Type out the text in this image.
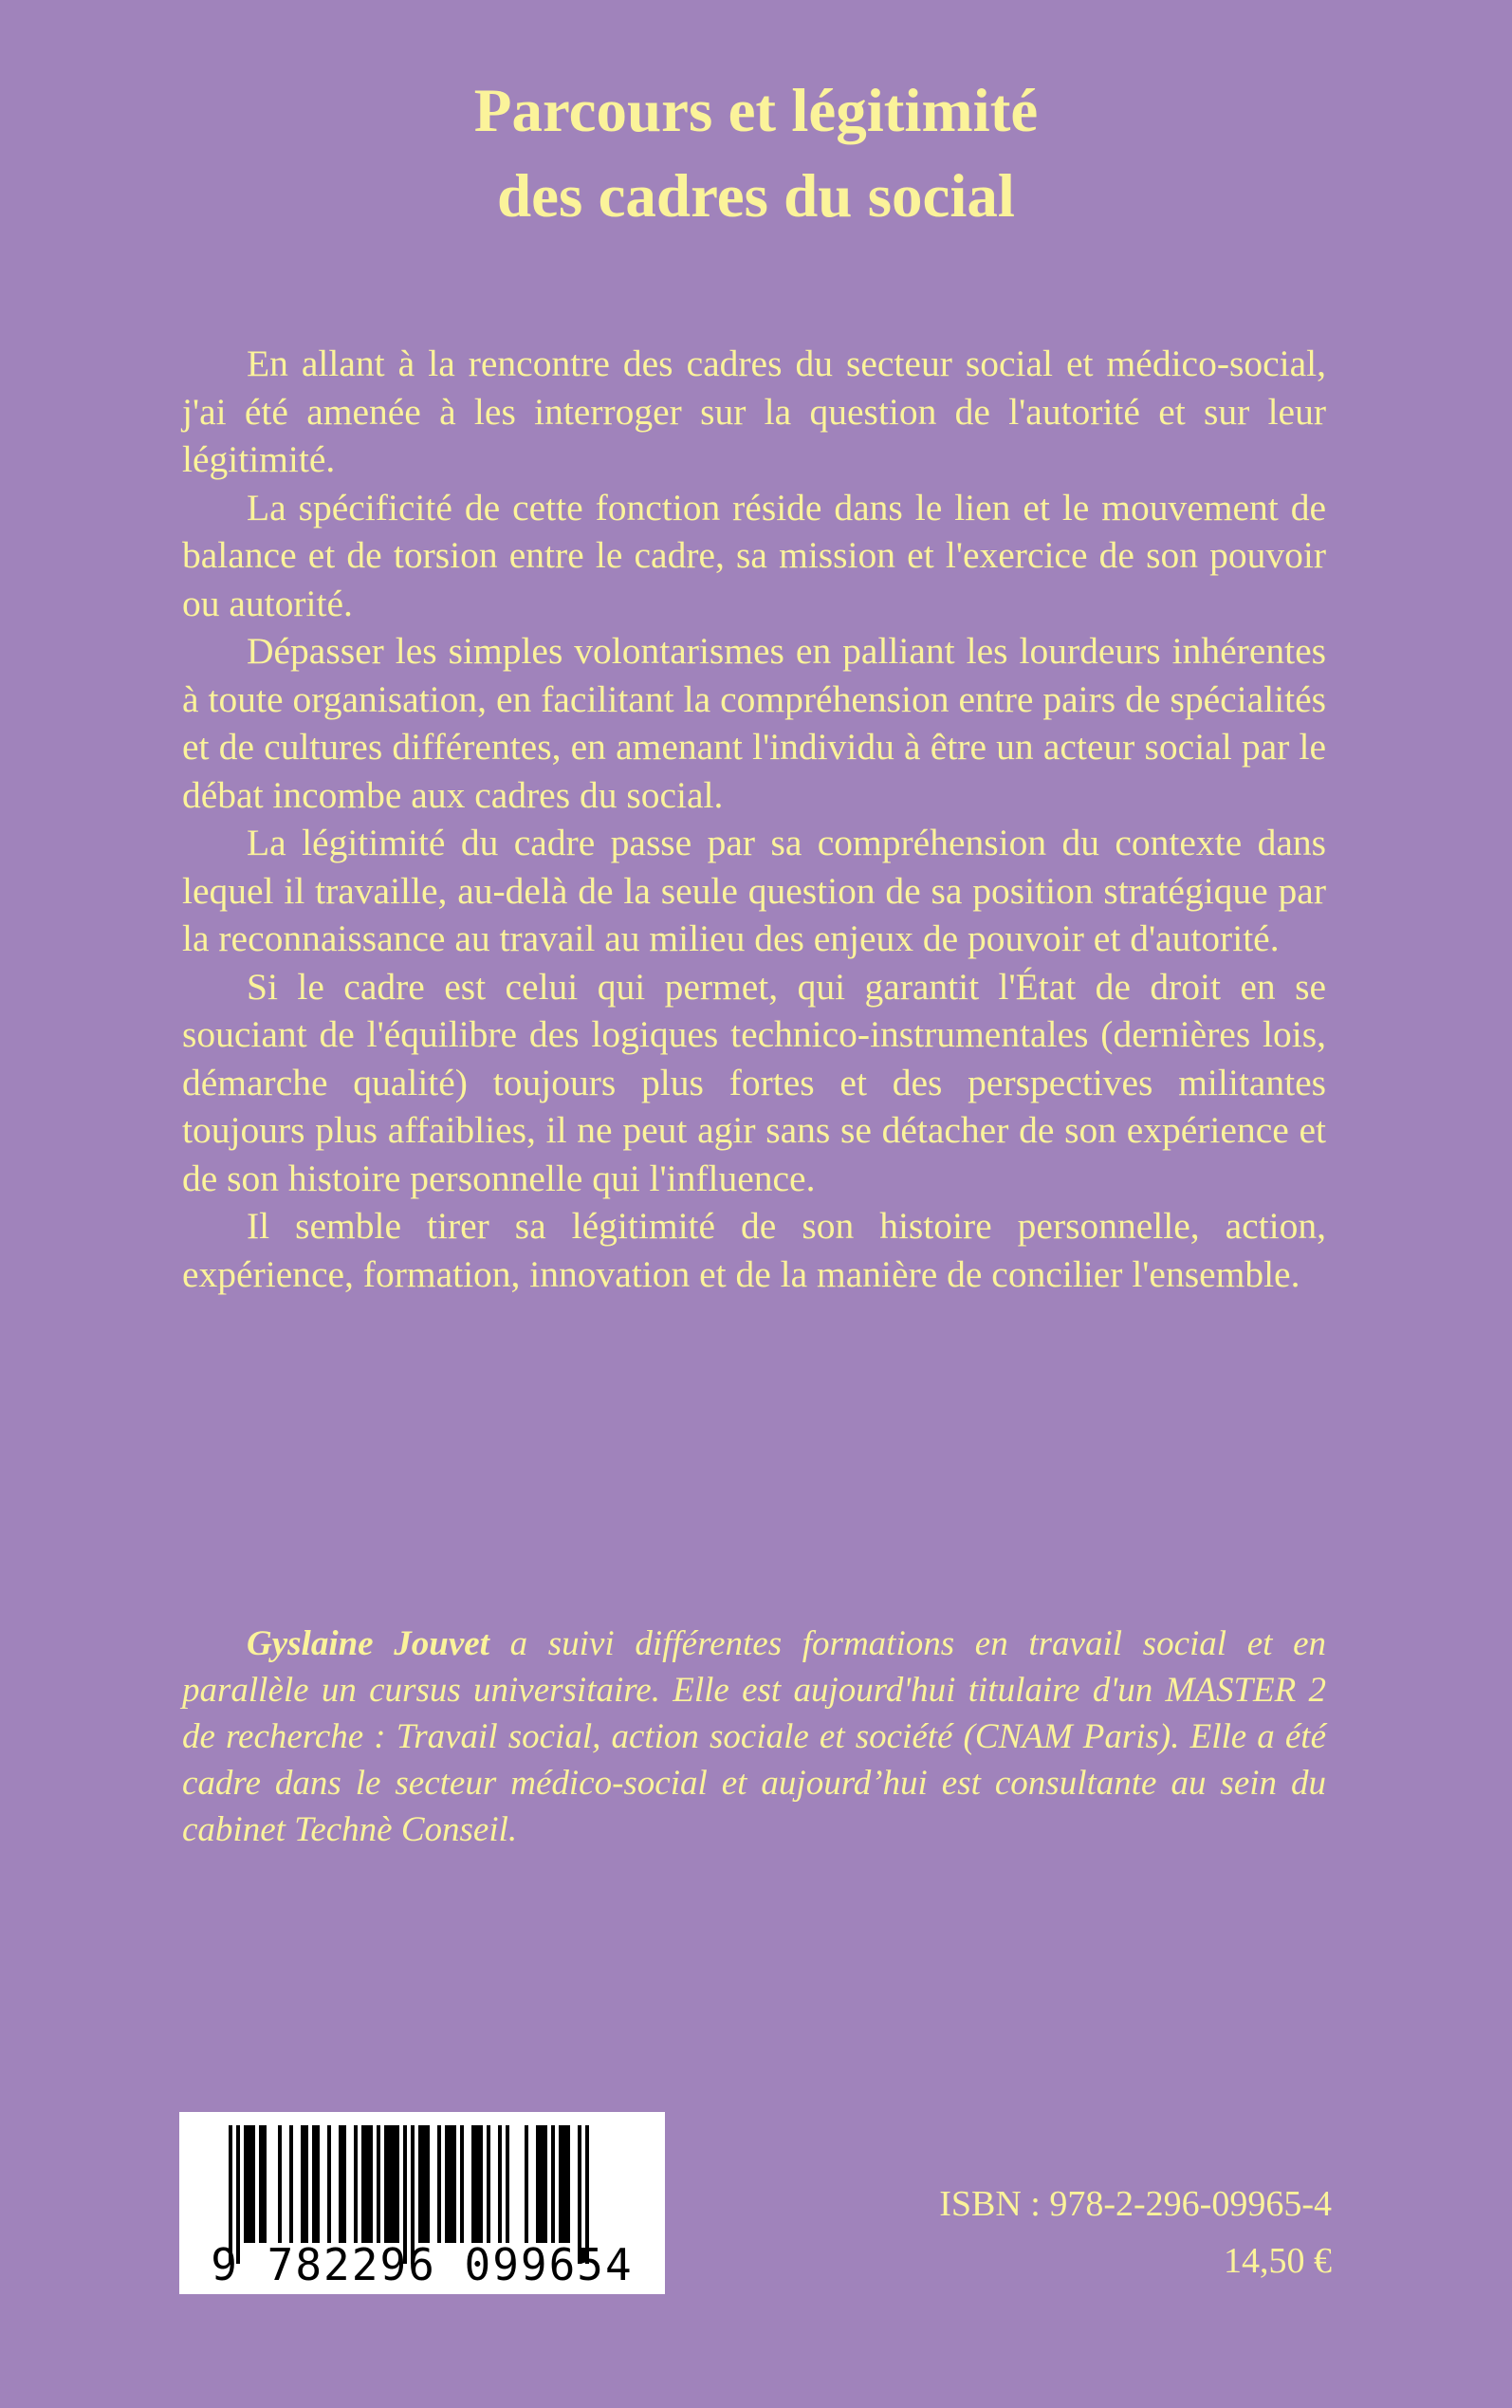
Parcours et légitimité
des cadres du social

En allant à la rencontre des cadres du secteur social et médico-social, j'ai été amenée à les interroger sur la question de l'autorité et sur leur légitimité.

La spécificité de cette fonction réside dans le lien et le mouvement de balance et de torsion entre le cadre, sa mission et l'exercice de son pouvoir ou autorité.

Dépasser les simples volontarismes en palliant les lourdeurs inhérentes à toute organisation, en facilitant la compréhension entre pairs de spécialités et de cultures différentes, en amenant l'individu à être un acteur social par le débat incombe aux cadres du social.

La légitimité du cadre passe par sa compréhension du contexte dans lequel il travaille, au-delà de la seule question de sa position stratégique par la reconnaissance au travail au milieu des enjeux de pouvoir et d'autorité.

Si le cadre est celui qui permet, qui garantit l'État de droit en se souciant de l'équilibre des logiques technico-instrumentales (dernières lois, démarche qualité) toujours plus fortes et des perspectives militantes toujours plus affaiblies, il ne peut agir sans se détacher de son expérience et de son histoire personnelle qui l'influence.

Il semble tirer sa légitimité de son histoire personnelle, action, expérience, formation, innovation et de la manière de concilier l'ensemble.

Gyslaine Jouvet a suivi différentes formations en travail social et en parallèle un cursus universitaire. Elle est aujourd'hui titulaire d'un MASTER 2 de recherche : Travail social, action sociale et société (CNAM Paris). Elle a été cadre dans le secteur médico-social et aujourd’hui est consultante au sein du cabinet Technè Conseil.

9 782296 099654
ISBN : 978-2-296-09965-4
14,50 €
